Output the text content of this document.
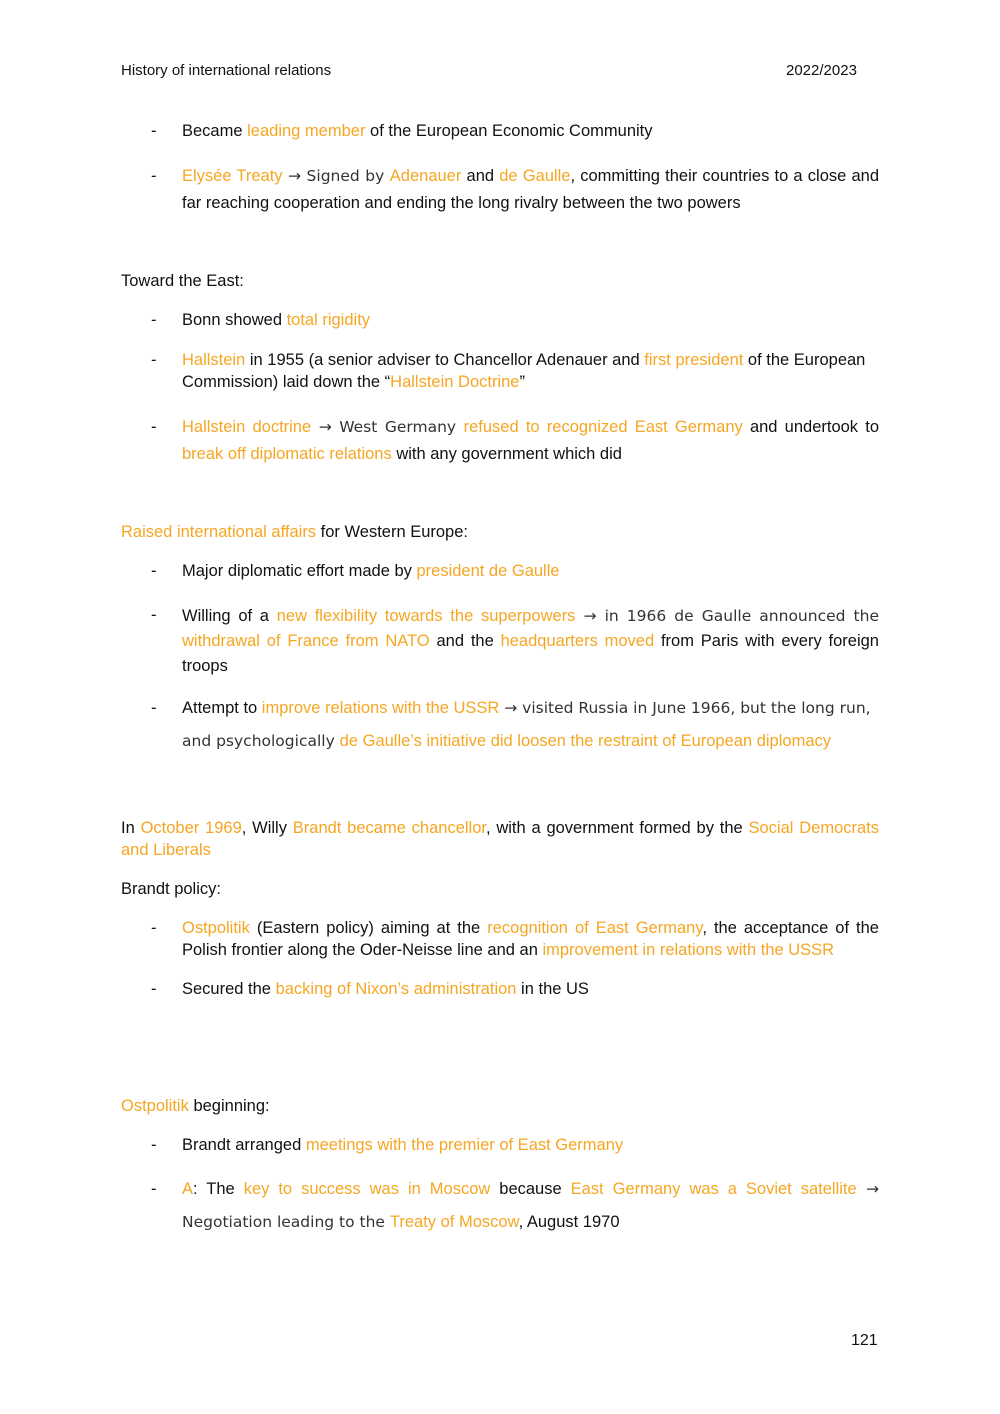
History of international relations	2022/2023
- Became leading member of the European Economic Community
- Elysée Treaty → Signed by Adenauer and de Gaulle, committing their countries to a close and far reaching cooperation and ending the long rivalry between the two powers
Toward the East:
- Bonn showed total rigidity
- Hallstein in 1955 (a senior adviser to Chancellor Adenauer and first president of the European Commission) laid down the “Hallstein Doctrine”
- Hallstein doctrine → West Germany refused to recognized East Germany and undertook to break off diplomatic relations with any government which did
Raised international affairs for Western Europe:
- Major diplomatic effort made by president de Gaulle
- Willing of a new flexibility towards the superpowers → in 1966 de Gaulle announced the withdrawal of France from NATO and the headquarters moved from Paris with every foreign troops
- Attempt to improve relations with the USSR → visited Russia in June 1966, but the long run, and psychologically de Gaulle’s initiative did loosen the restraint of European diplomacy
In October 1969, Willy Brandt became chancellor, with a government formed by the Social Democrats and Liberals
Brandt policy:
- Ostpolitik (Eastern policy) aiming at the recognition of East Germany, the acceptance of the Polish frontier along the Oder-Neisse line and an improvement in relations with the USSR
- Secured the backing of Nixon’s administration in the US
Ostpolitik beginning:
- Brandt arranged meetings with the premier of East Germany
- A: The key to success was in Moscow because East Germany was a Soviet satellite → Negotiation leading to the Treaty of Moscow, August 1970
121
